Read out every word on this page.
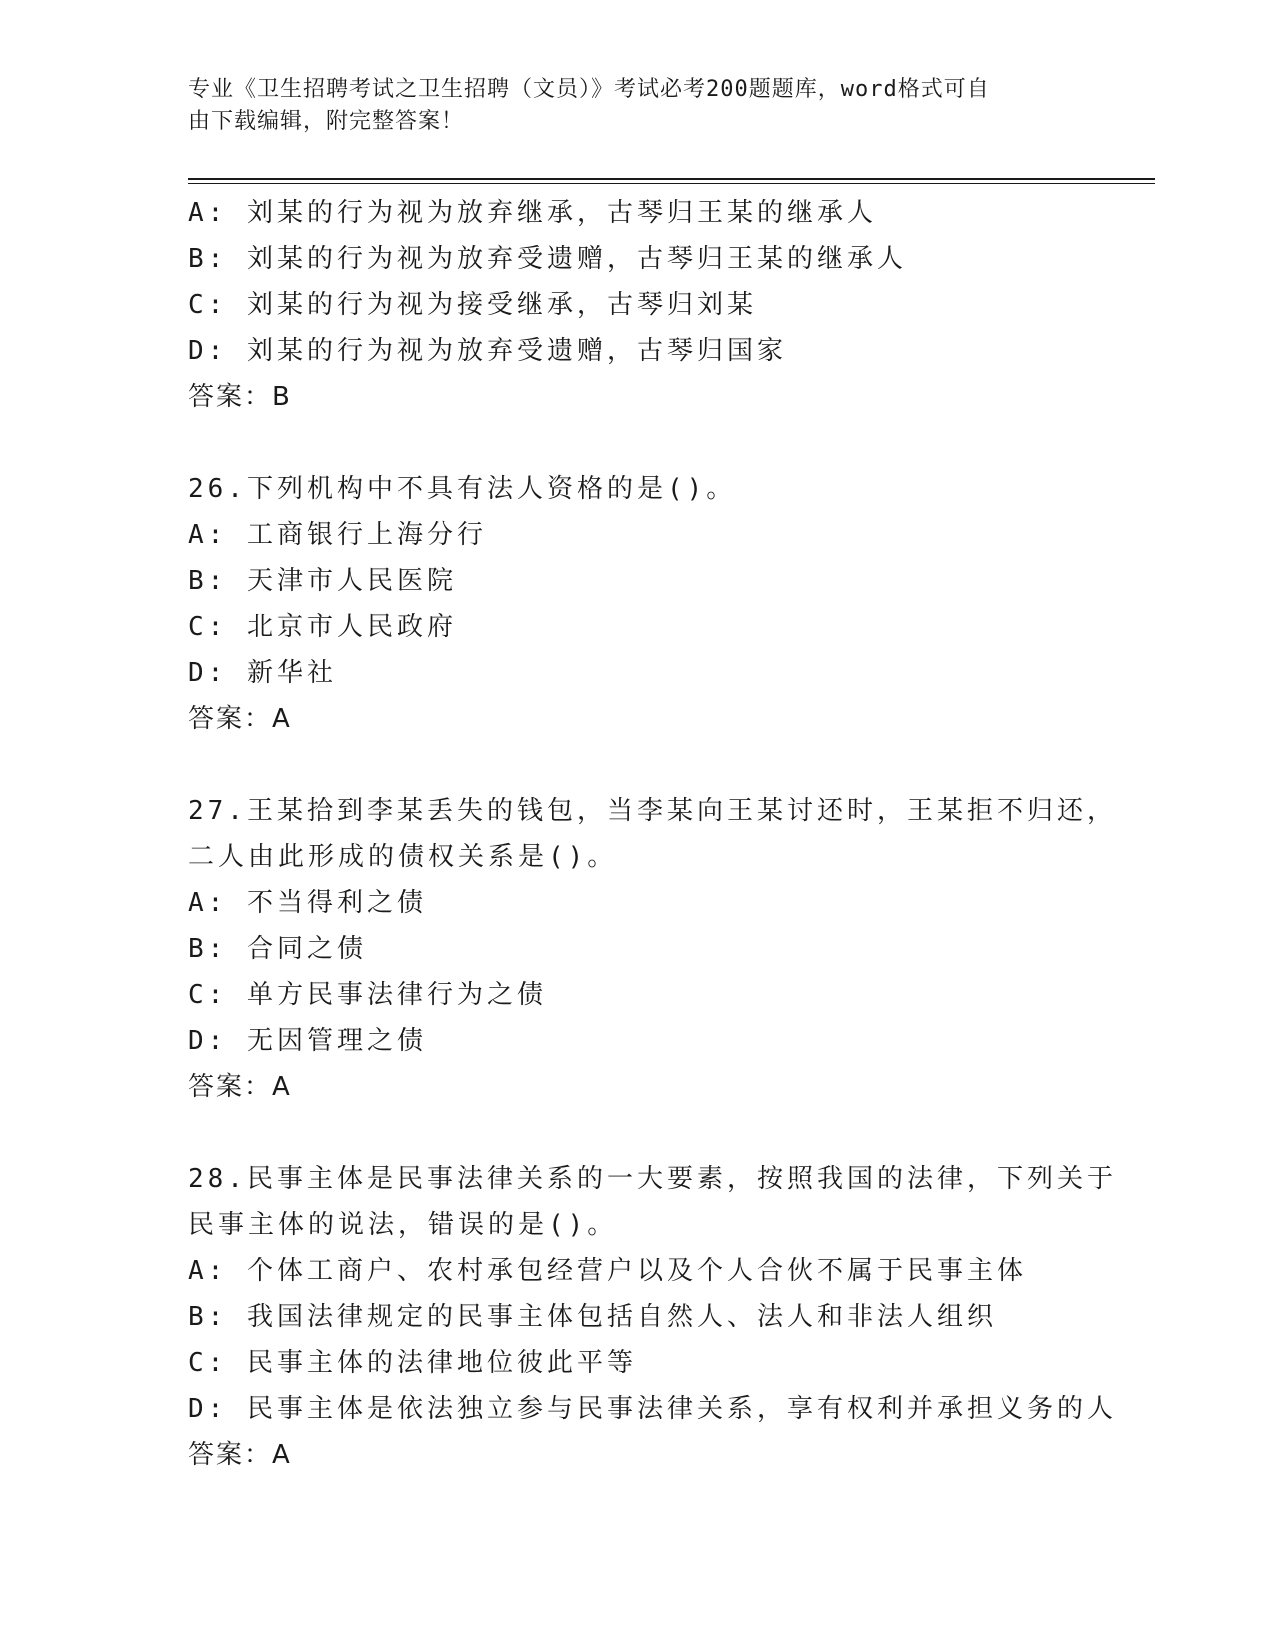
专业《卫生招聘考试之卫生招聘（文员）》考试必考200题题库，word格式可自
由下载编辑，附完整答案！
A: 刘某的行为视为放弃继承，古琴归王某的继承人
B: 刘某的行为视为放弃受遗赠，古琴归王某的继承人
C: 刘某的行为视为接受继承，古琴归刘某
D: 刘某的行为视为放弃受遗赠，古琴归国家
答案：B
26.下列机构中不具有法人资格的是()。
A: 工商银行上海分行
B: 天津市人民医院
C: 北京市人民政府
D: 新华社
答案：A
27.王某拾到李某丢失的钱包，当李某向王某讨还时，王某拒不归还，
二人由此形成的债权关系是()。
A: 不当得利之债
B: 合同之债
C: 单方民事法律行为之债
D: 无因管理之债
答案：A
28.民事主体是民事法律关系的一大要素，按照我国的法律，下列关于
民事主体的说法，错误的是()。
A: 个体工商户、农村承包经营户以及个人合伙不属于民事主体
B: 我国法律规定的民事主体包括自然人、法人和非法人组织
C: 民事主体的法律地位彼此平等
D: 民事主体是依法独立参与民事法律关系，享有权利并承担义务的人
答案：A
